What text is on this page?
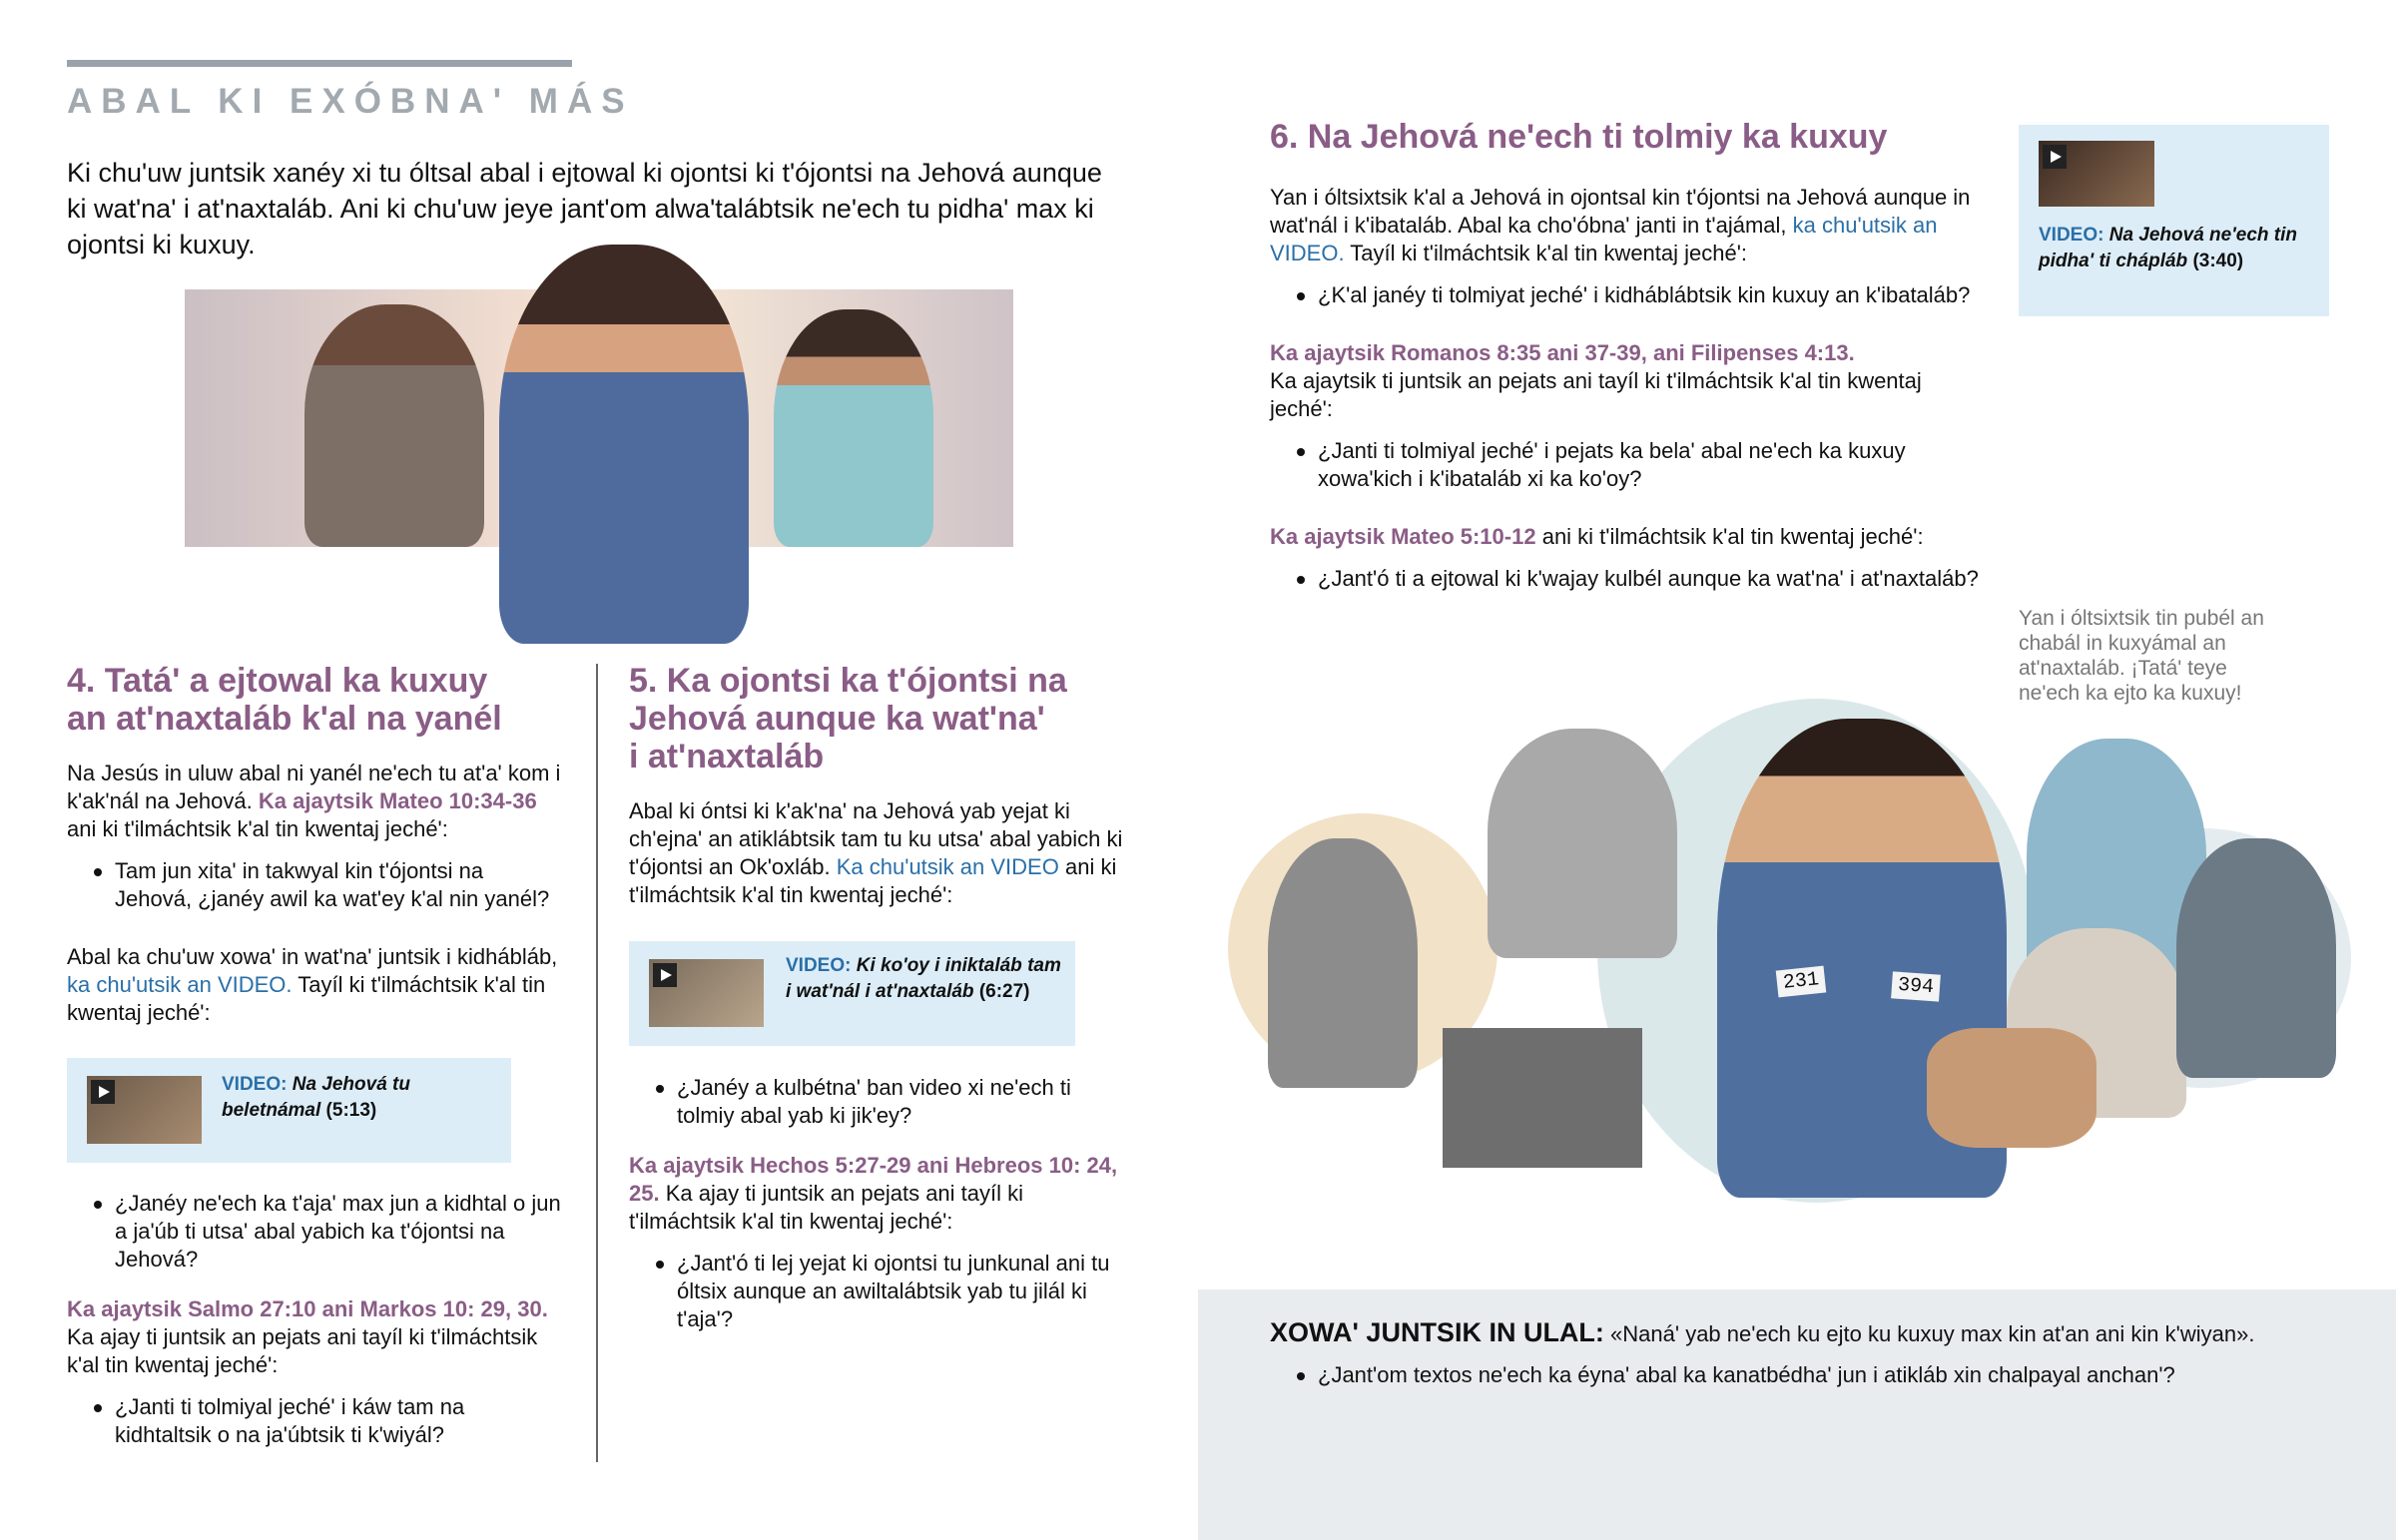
ABAL KI EXÓBNA' MÁS
Ki chu'uw juntsik xanéy xi tu óltsal abal i ejtowal ki ojontsi ki t'ójontsi na Jehová aunque ki wat'na' i at'naxtaláb. Ani ki chu'uw jeye jant'om alwa'talábtsik ne'ech tu pidha' max ki ojontsi ki kuxuy.
4. Tatá' a ejtowal ka kuxuy
an at'naxtaláb k'al na yanél
Na Jesús in uluw abal ni yanél ne'ech tu at'a' kom i k'ak'nál na Jehová. Ka ajaytsik Mateo 10:34-36 ani ki t'ilmáchtsik k'al tin kwentaj jeché':
Tam jun xita' in takwyal kin t'ójontsi na Jehová, ¿janéy awil ka wat'ey k'al nin yanél?
Abal ka chu'uw xowa' in wat'na' juntsik i kidhábláb, ka chu'utsik an VIDEO. Tayíl ki t'ilmáchtsik k'al tin kwentaj jeché':
VIDEO: Na Jehová tu beletnámal (5:13)
¿Janéy ne'ech ka t'aja' max jun a kidhtal o jun a ja'úb ti utsa' abal yabich ka t'ójontsi na Jehová?
Ka ajaytsik Salmo 27:10 ani Markos 10: 29, 30. Ka ajay ti juntsik an pejats ani tayíl ki t'ilmáchtsik k'al tin kwentaj jeché':
¿Janti ti tolmiyal jeché' i káw tam na kidhtaltsik o na ja'úbtsik ti k'wiyál?
5. Ka ojontsi ka t'ójontsi na
Jehová aunque ka wat'na'
i at'naxtaláb
Abal ki óntsi ki k'ak'na' na Jehová yab yejat ki ch'ejna' an atiklábtsik tam tu ku utsa' abal yabich ki t'ójontsi an Ok'oxláb. Ka chu'utsik an VIDEO ani ki t'ilmáchtsik k'al tin kwentaj jeché':
VIDEO: Ki ko'oy i iniktaláb tam i wat'nál i at'naxtaláb (6:27)
¿Janéy a kulbétna' ban video xi ne'ech ti tolmiy abal yab ki jik'ey?
Ka ajaytsik Hechos 5:27-29 ani Hebreos 10: 24, 25. Ka ajay ti juntsik an pejats ani tayíl ki t'ilmáchtsik k'al tin kwentaj jeché':
¿Jant'ó ti lej yejat ki ojontsi tu junkunal ani tu óltsix aunque an awiltalábtsik yab tu jilál ki t'aja'?
6. Na Jehová ne'ech ti tolmiy ka kuxuy
Yan i óltsixtsik k'al a Jehová in ojontsal kin t'ójontsi na Jehová aunque in wat'nál i k'ibataláb. Abal ka cho'óbna' janti in t'ajámal, ka chu'utsik an VIDEO. Tayíl ki t'ilmáchtsik k'al tin kwentaj jeché':
¿K'al janéy ti tolmiyat jeché' i kidháblábtsik kin kuxuy an k'ibataláb?
Ka ajaytsik Romanos 8:35 ani 37-39, ani Filipenses 4:13.
Ka ajaytsik ti juntsik an pejats ani tayíl ki t'ilmáchtsik k'al tin kwentaj jeché':
¿Janti ti tolmiyal jeché' i pejats ka bela' abal ne'ech ka kuxuy xowa'kich i k'ibataláb xi ka ko'oy?
Ka ajaytsik Mateo 5:10-12 ani ki t'ilmáchtsik k'al tin kwentaj jeché':
¿Jant'ó ti a ejtowal ki k'wajay kulbél aunque ka wat'na' i at'naxtaláb?
VIDEO: Na Jehová ne'ech tin pidha' ti chápláb (3:40)
Yan i óltsixtsik tin pubél an chabál in kuxyámal an at'naxtaláb. ¡Tatá' teye ne'ech ka ejto ka kuxuy!
231	394
XOWA' JUNTSIK IN ULAL: «Naná' yab ne'ech ku ejto ku kuxuy max kin at'an ani kin k'wiyan».
¿Jant'om textos ne'ech ka éyna' abal ka kanatbédha' jun i atikláb xin chalpayal anchan'?
